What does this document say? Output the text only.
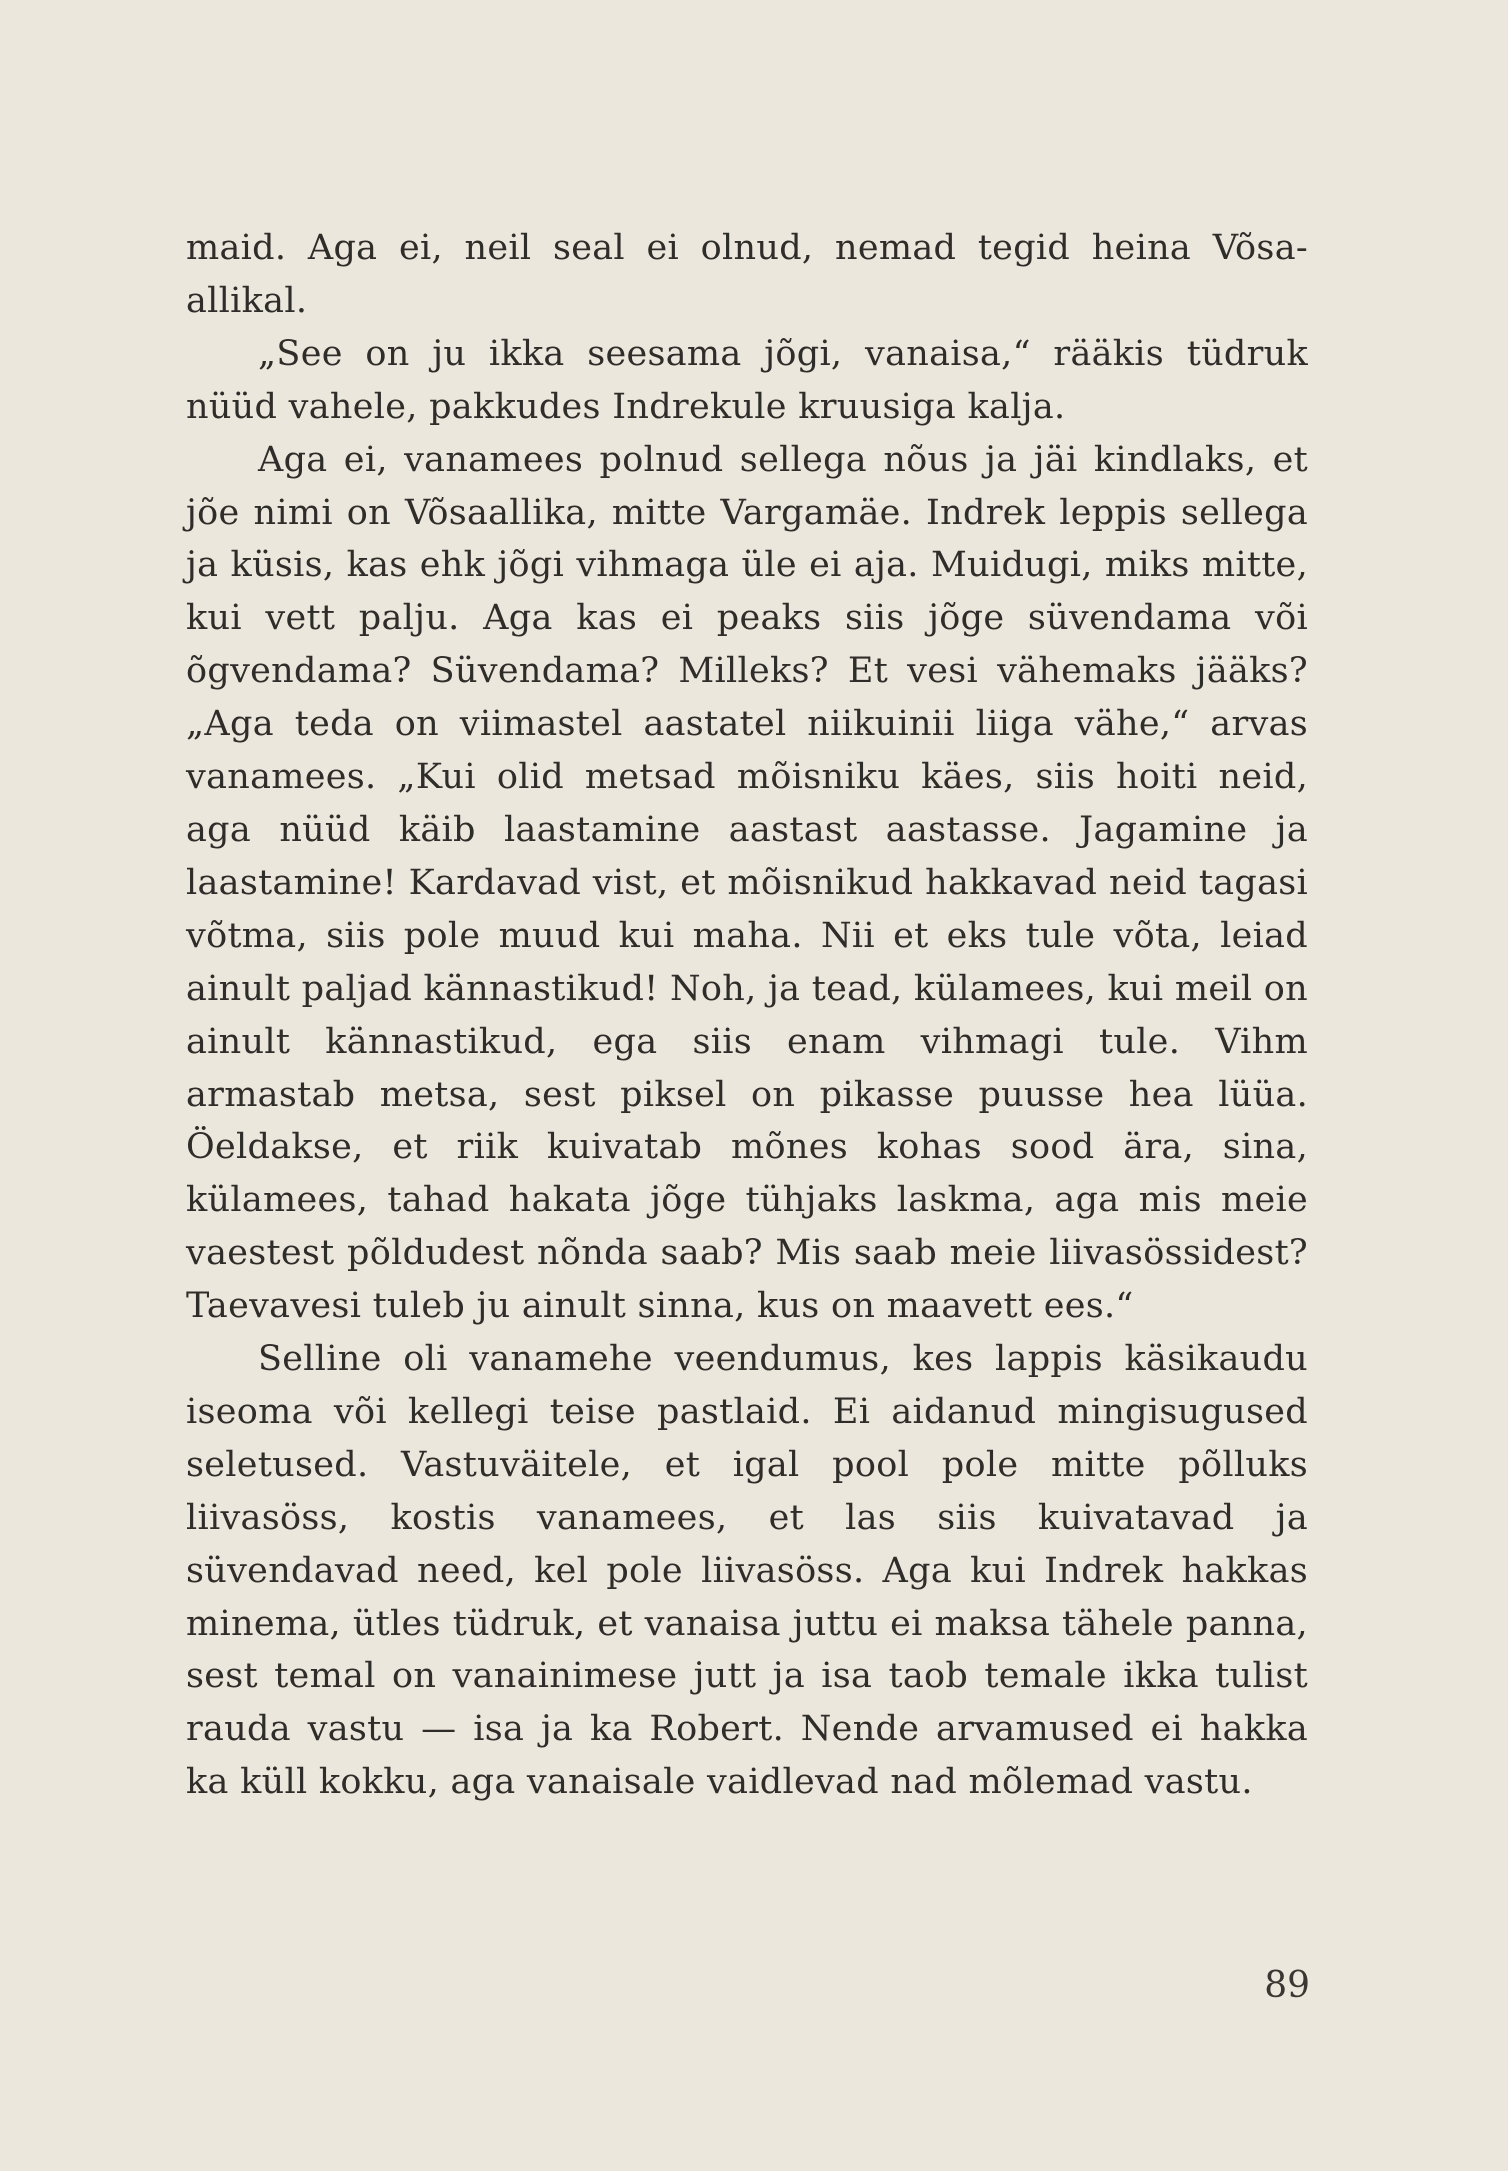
maid. Aga ei, neil seal ei olnud, nemad tegid heina Võsa-allikal.

„See on ju ikka seesama jõgi, vanaisa,“ rääkis tüdruk nüüd vahele, pakkudes Indrekule kruusiga kalja.

Aga ei, vanamees polnud sellega nõus ja jäi kindlaks, et jõe nimi on Võsaallika, mitte Vargamäe. Indrek leppis sellega ja küsis, kas ehk jõgi vihmaga üle ei aja. Muidugi, miks mitte, kui vett palju. Aga kas ei peaks siis jõge süvendama või õgvendama? Süvendama? Milleks? Et vesi vähemaks jääks? „Aga teda on viimastel aastatel niikuinii liiga vähe,“ arvas vanamees. „Kui olid metsad mõisniku käes, siis hoiti neid, aga nüüd käib laastamine aastast aastasse. Jagamine ja laastamine! Kardavad vist, et mõisnikud hakkavad neid tagasi võtma, siis pole muud kui maha. Nii et eks tule võta, leiad ainult paljad kännastikud! Noh, ja tead, külamees, kui meil on ainult kännastikud, ega siis enam vihmagi tule. Vihm armastab metsa, sest piksel on pikasse puusse hea lüüa. Öeldakse, et riik kuivatab mõnes kohas sood ära, sina, külamees, tahad hakata jõge tühjaks laskma, aga mis meie vaestest põldudest nõnda saab? Mis saab meie liivasössidest? Taevavesi tuleb ju ainult sinna, kus on maavett ees.“

Selline oli vanamehe veendumus, kes lappis käsikaudu iseoma või kellegi teise pastlaid. Ei aidanud mingisugused seletused. Vastuväitele, et igal pool pole mitte põlluks liivasöss, kostis vanamees, et las siis kuivatavad ja süvendavad need, kel pole liivasöss. Aga kui Indrek hakkas minema, ütles tüdruk, et vanaisa juttu ei maksa tähele panna, sest temal on vanainimese jutt ja isa taob temale ikka tulist rauda vastu — isa ja ka Robert. Nende arvamused ei hakka ka küll kokku, aga vanaisale vaidlevad nad mõlemad vastu.

89
